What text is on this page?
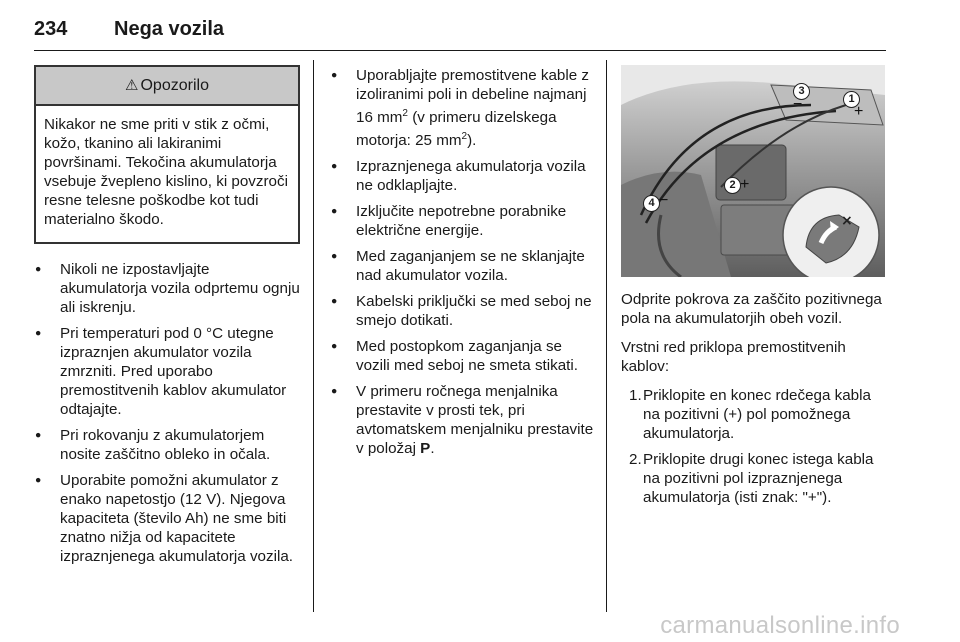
234 Nega vozila
⚠ Opozorilo
Nikakor ne sme priti v stik z očmi, kožo, tkanino ali lakiranimi površinami. Tekočina akumulatorja vsebuje žvepleno kislino, ki povzroči resne telesne poškodbe kot tudi materialno škodo.
● Nikoli ne izpostavljajte akumulatorja vozila odprtemu ognju ali iskrenju.
● Pri temperaturi pod 0 °C utegne izpraznjen akumulator vozila zmrzniti. Pred uporabo premostitvenih kablov akumulator odtajajte.
● Pri rokovanju z akumulatorjem nosite zaščitno obleko in očala.
● Uporabite pomožni akumulator z enako napetostjo (12 V). Njegova kapaciteta (število Ah) ne sme biti znatno nižja od kapacitete izpraznjenega akumulatorja vozila.
● Uporabljajte premostitvene kable z izoliranimi poli in debeline najmanj 16 $mm^2$ (v primeru dizelskega motorja: 25 $mm^2$).
● Izpraznjenega akumulatorja vozila ne odklapljajte.
● Izključite nepotrebne porabnike električne energije.
● Med zaganjanjem se ne sklanjajte nad akumulator vozila.
● Kabelski priključki se med seboj ne smejo dotikati.
● Med postopkom zaganjanja se vozili med seboj ne smeta stikati.
● V primeru ročnega menjalnika prestavite v prosti tek, pri avtomatskem menjalniku prestavite v položaj P.
×
1
+
2 +
3
−
4 −

Odprite pokrova za zaščito pozitivnega pola na akumulatorjih obeh vozil.

Vrstni red priklopa premostitvenih kablov:

1. Priklopite en konec rdečega kabla na pozitivni (+) pol pomožnega akumulatorja.
2. Priklopite drugi konec istega kabla na pozitivni pol izpraznjenega akumulatorja (isti znak: "+").
carmanualsonline.info
